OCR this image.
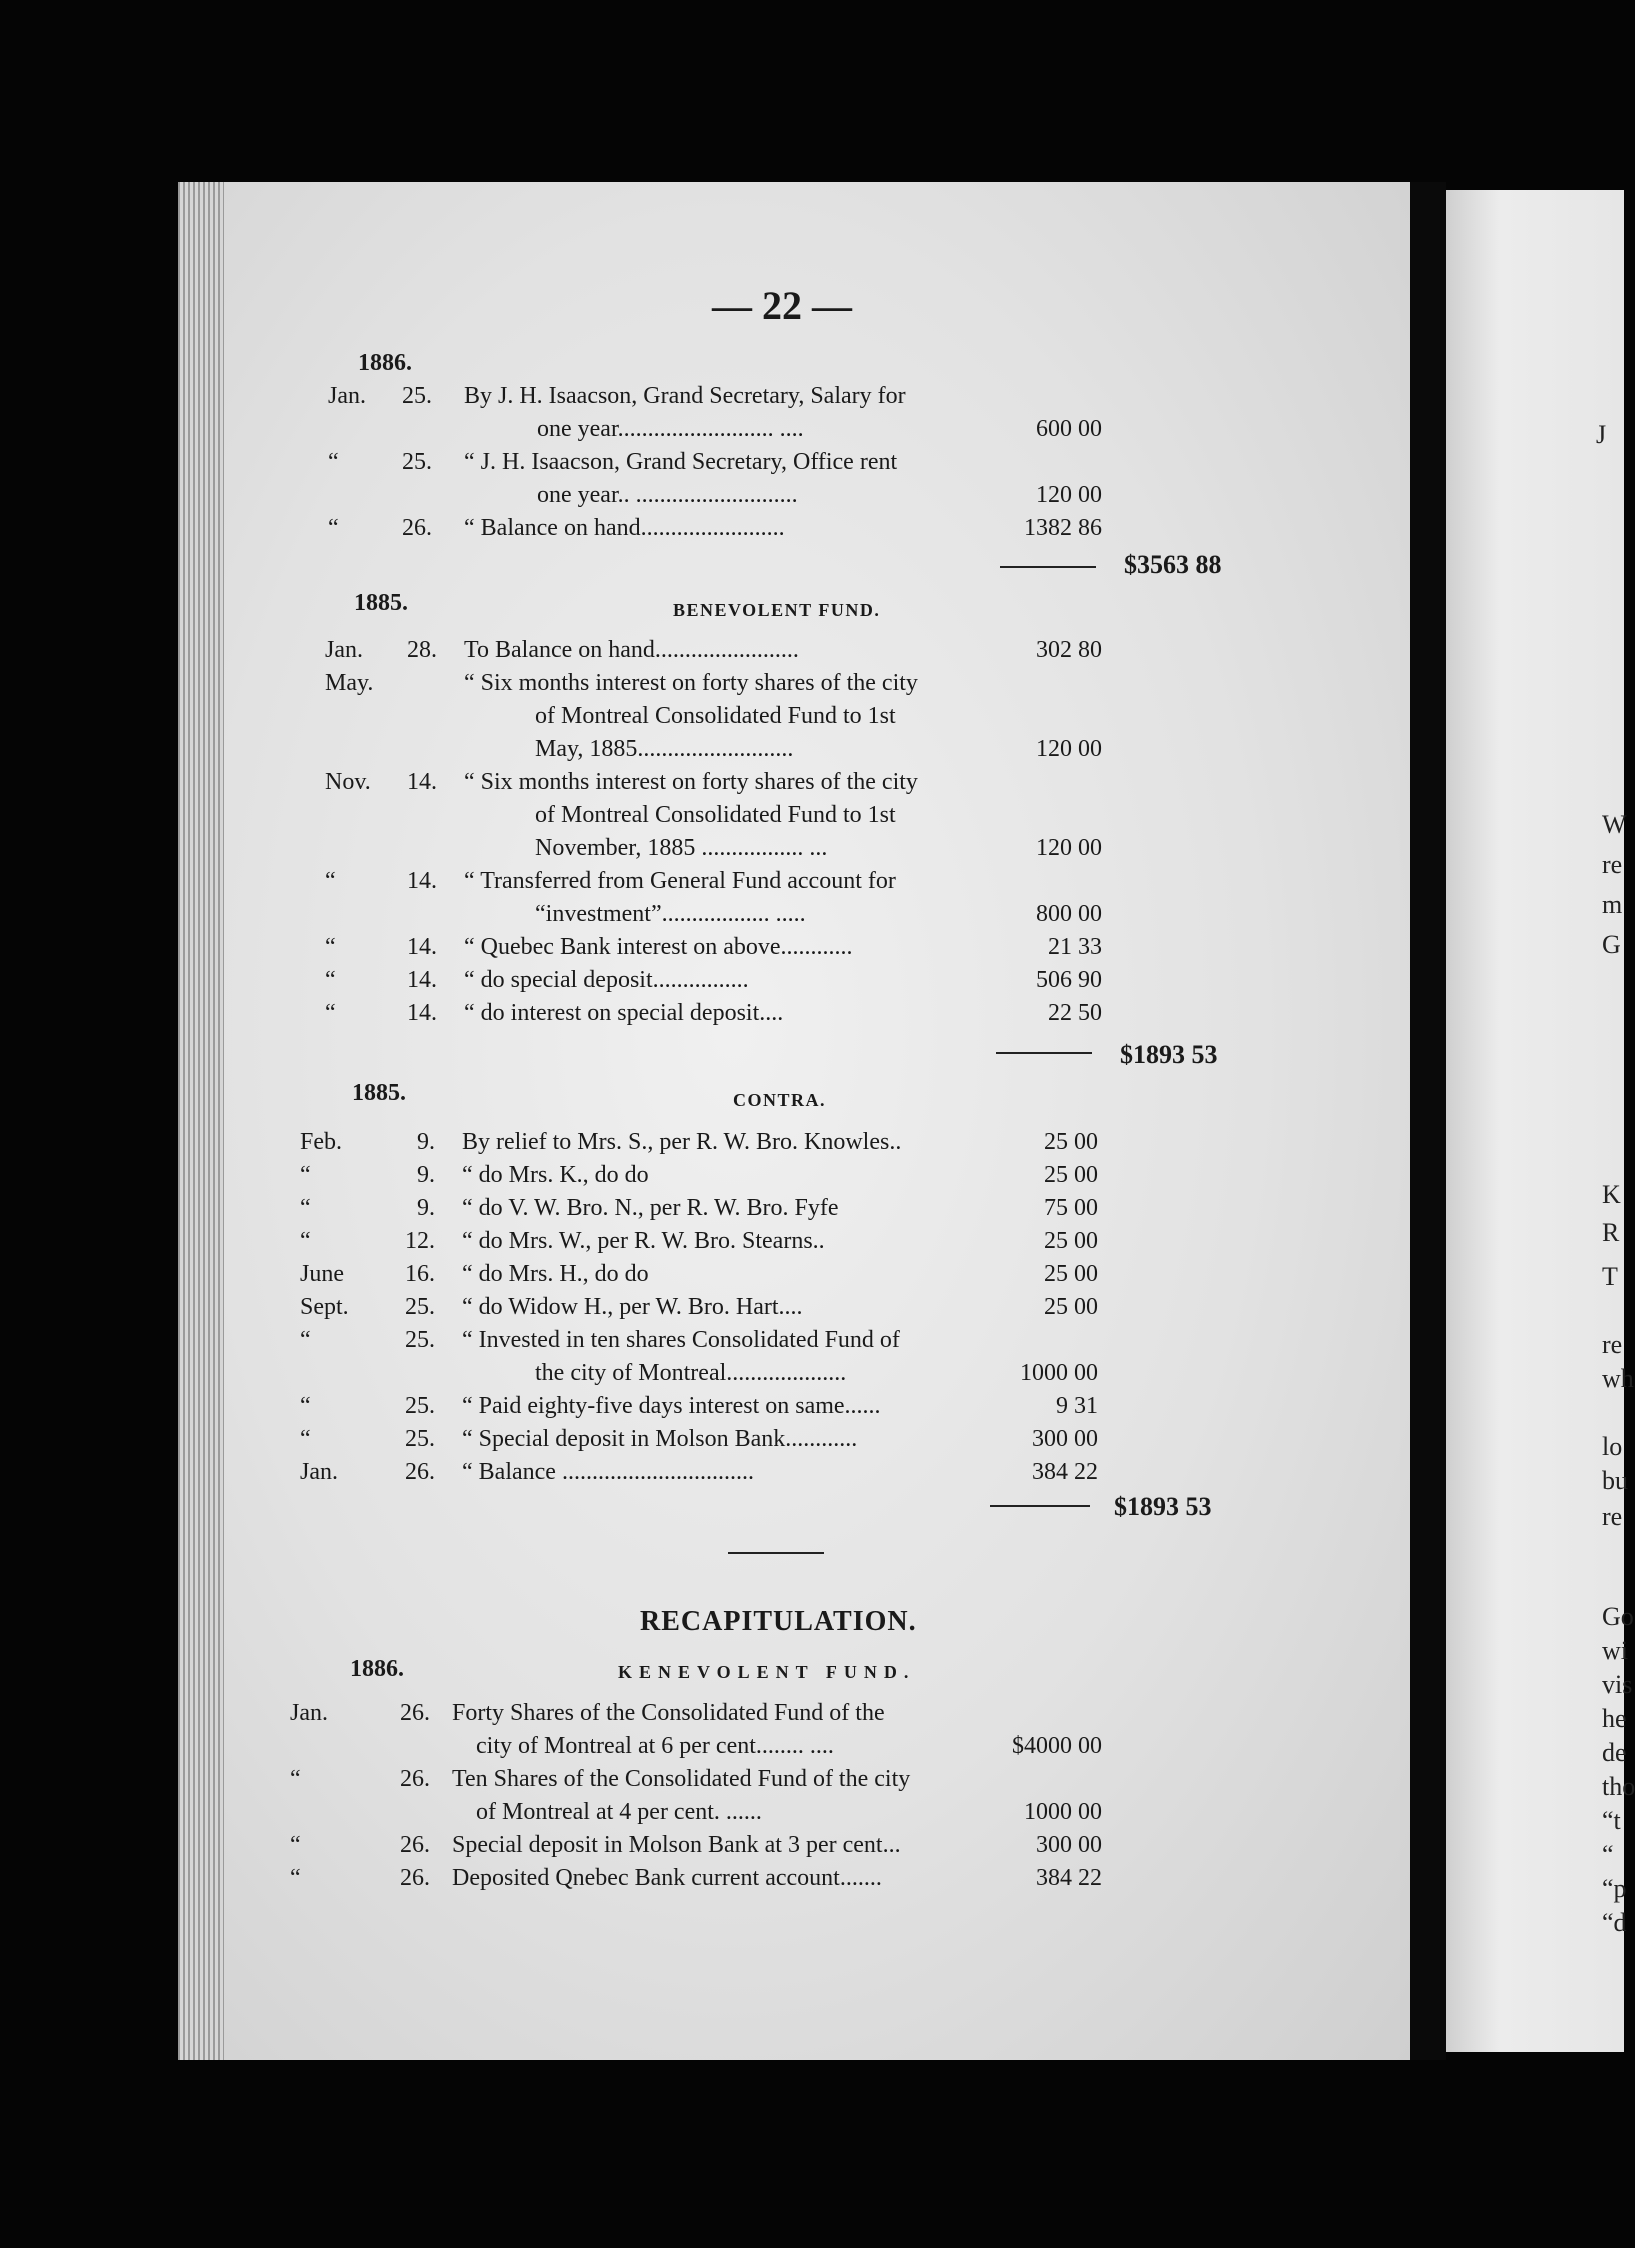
J
W
re
m
G
K
R
T
re
wh
lo
bu
re
Go
wi
vis
he
de
tho
“t
“
“p
“d
— 22 —
1886.
Jan.	25. By J. H. Isaacson, Grand Secretary, Salary for
one year.......................... ....	600 00
“	25. “ J. H. Isaacson, Grand Secretary, Office rent
one year.. ...........................	120 00
“	26. “ Balance on hand........................	1382 86
$3563 88
1885.	BENEVOLENT FUND.
Jan.	28. To Balance on hand........................	302 80
May.	“ Six months interest on forty shares of the city
of Montreal Consolidated Fund to 1st
May, 1885..........................	120 00
Nov.	14. “ Six months interest on forty shares of the city
of Montreal Consolidated Fund to 1st
November, 1885 ................. ...	120 00
“	14. “ Transferred from General Fund account for
“investment”.................. .....	800 00
“	14. “ Quebec Bank interest on above............	21 33
“	14. “ do special deposit................	506 90
“	14. “ do interest on special deposit....	22 50
$1893 53
1885.	CONTRA.
Feb.	9. By relief to Mrs. S., per R. W. Bro. Knowles..	25 00
“	9. “ do Mrs. K., do do	25 00
“	9. “ do V. W. Bro. N., per R. W. Bro. Fyfe	75 00
“	12. “ do Mrs. W., per R. W. Bro. Stearns..	25 00
June	16. “ do Mrs. H., do do	25 00
Sept.	25. “ do Widow H., per W. Bro. Hart....	25 00
“	25. “ Invested in ten shares Consolidated Fund of
the city of Montreal....................	1000 00
“	25. “ Paid eighty-five days interest on same......	9 31
“	25. “ Special deposit in Molson Bank............	300 00
Jan.	26. “ Balance ................................	384 22
$1893 53
RECAPITULATION.
1886.	KENEVOLENT FUND.
Jan.	26. Forty Shares of the Consolidated Fund of the
city of Montreal at 6 per cent........ ....	$4000 00
“	26. Ten Shares of the Consolidated Fund of the city
of Montreal at 4 per cent. ......	1000 00
“	26. Special deposit in Molson Bank at 3 per cent...	300 00
“	26. Deposited Qnebec Bank current account.......	384 22
